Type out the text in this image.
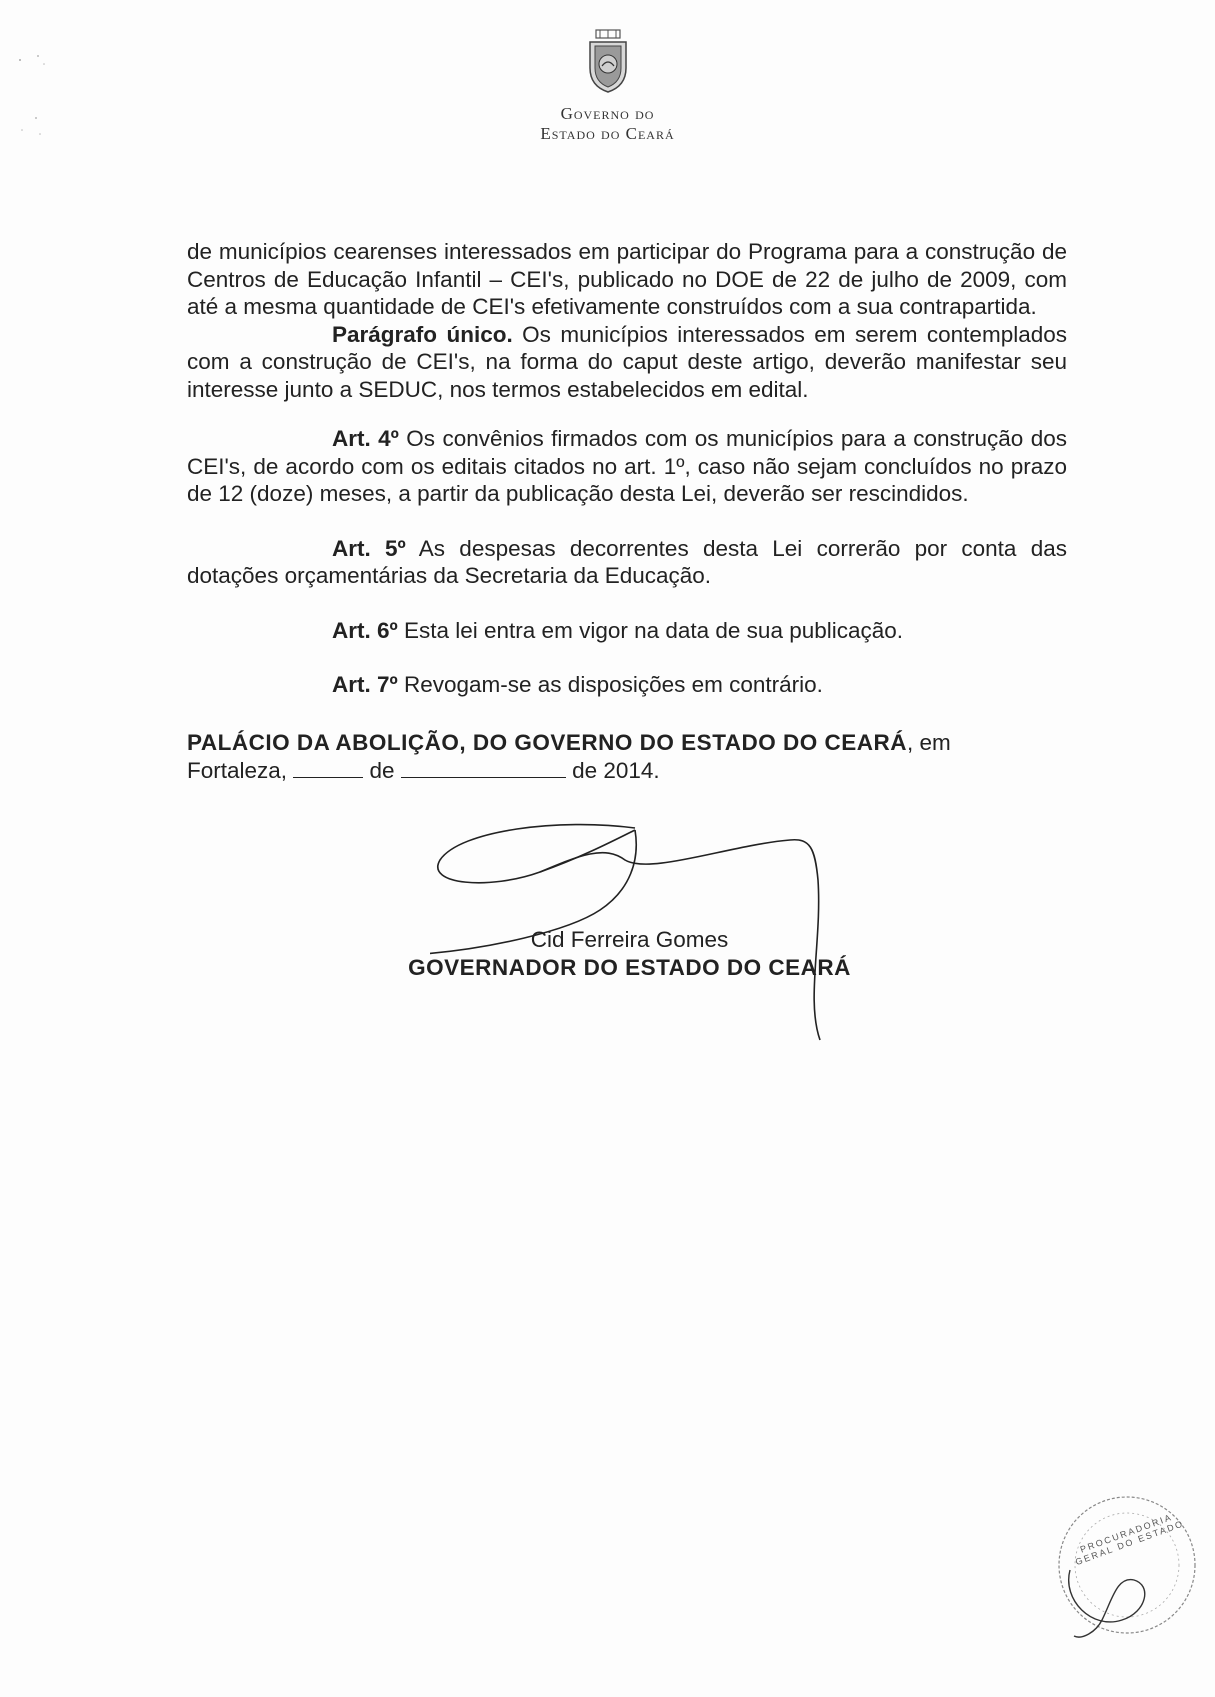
Governo do
Estado do Ceará

de municípios cearenses interessados em participar do Programa para a construção de Centros de Educação Infantil – CEI's, publicado no DOE de 22 de julho de 2009, com até a mesma quantidade de CEI's efetivamente construídos com a sua contrapartida.

Parágrafo único. Os municípios interessados em serem contemplados com a construção de CEI's, na forma do caput deste artigo, deverão manifestar seu interesse junto a SEDUC, nos termos estabelecidos em edital.

Art. 4º Os convênios firmados com os municípios para a construção dos CEI's, de acordo com os editais citados no art. 1º, caso não sejam concluídos no prazo de 12 (doze) meses, a partir da publicação desta Lei, deverão ser rescindidos.

Art. 5º As despesas decorrentes desta Lei correrão por conta das dotações orçamentárias da Secretaria da Educação.

Art. 6º Esta lei entra em vigor na data de sua publicação.

Art. 7º Revogam-se as disposições em contrário.

PALÁCIO DA ABOLIÇÃO, DO GOVERNO DO ESTADO DO CEARÁ, em
Fortaleza,	de	de 2014.

Cid Ferreira Gomes
GOVERNADOR DO ESTADO DO CEARÁ
PROCURADORIA GERAL DO ESTADO
